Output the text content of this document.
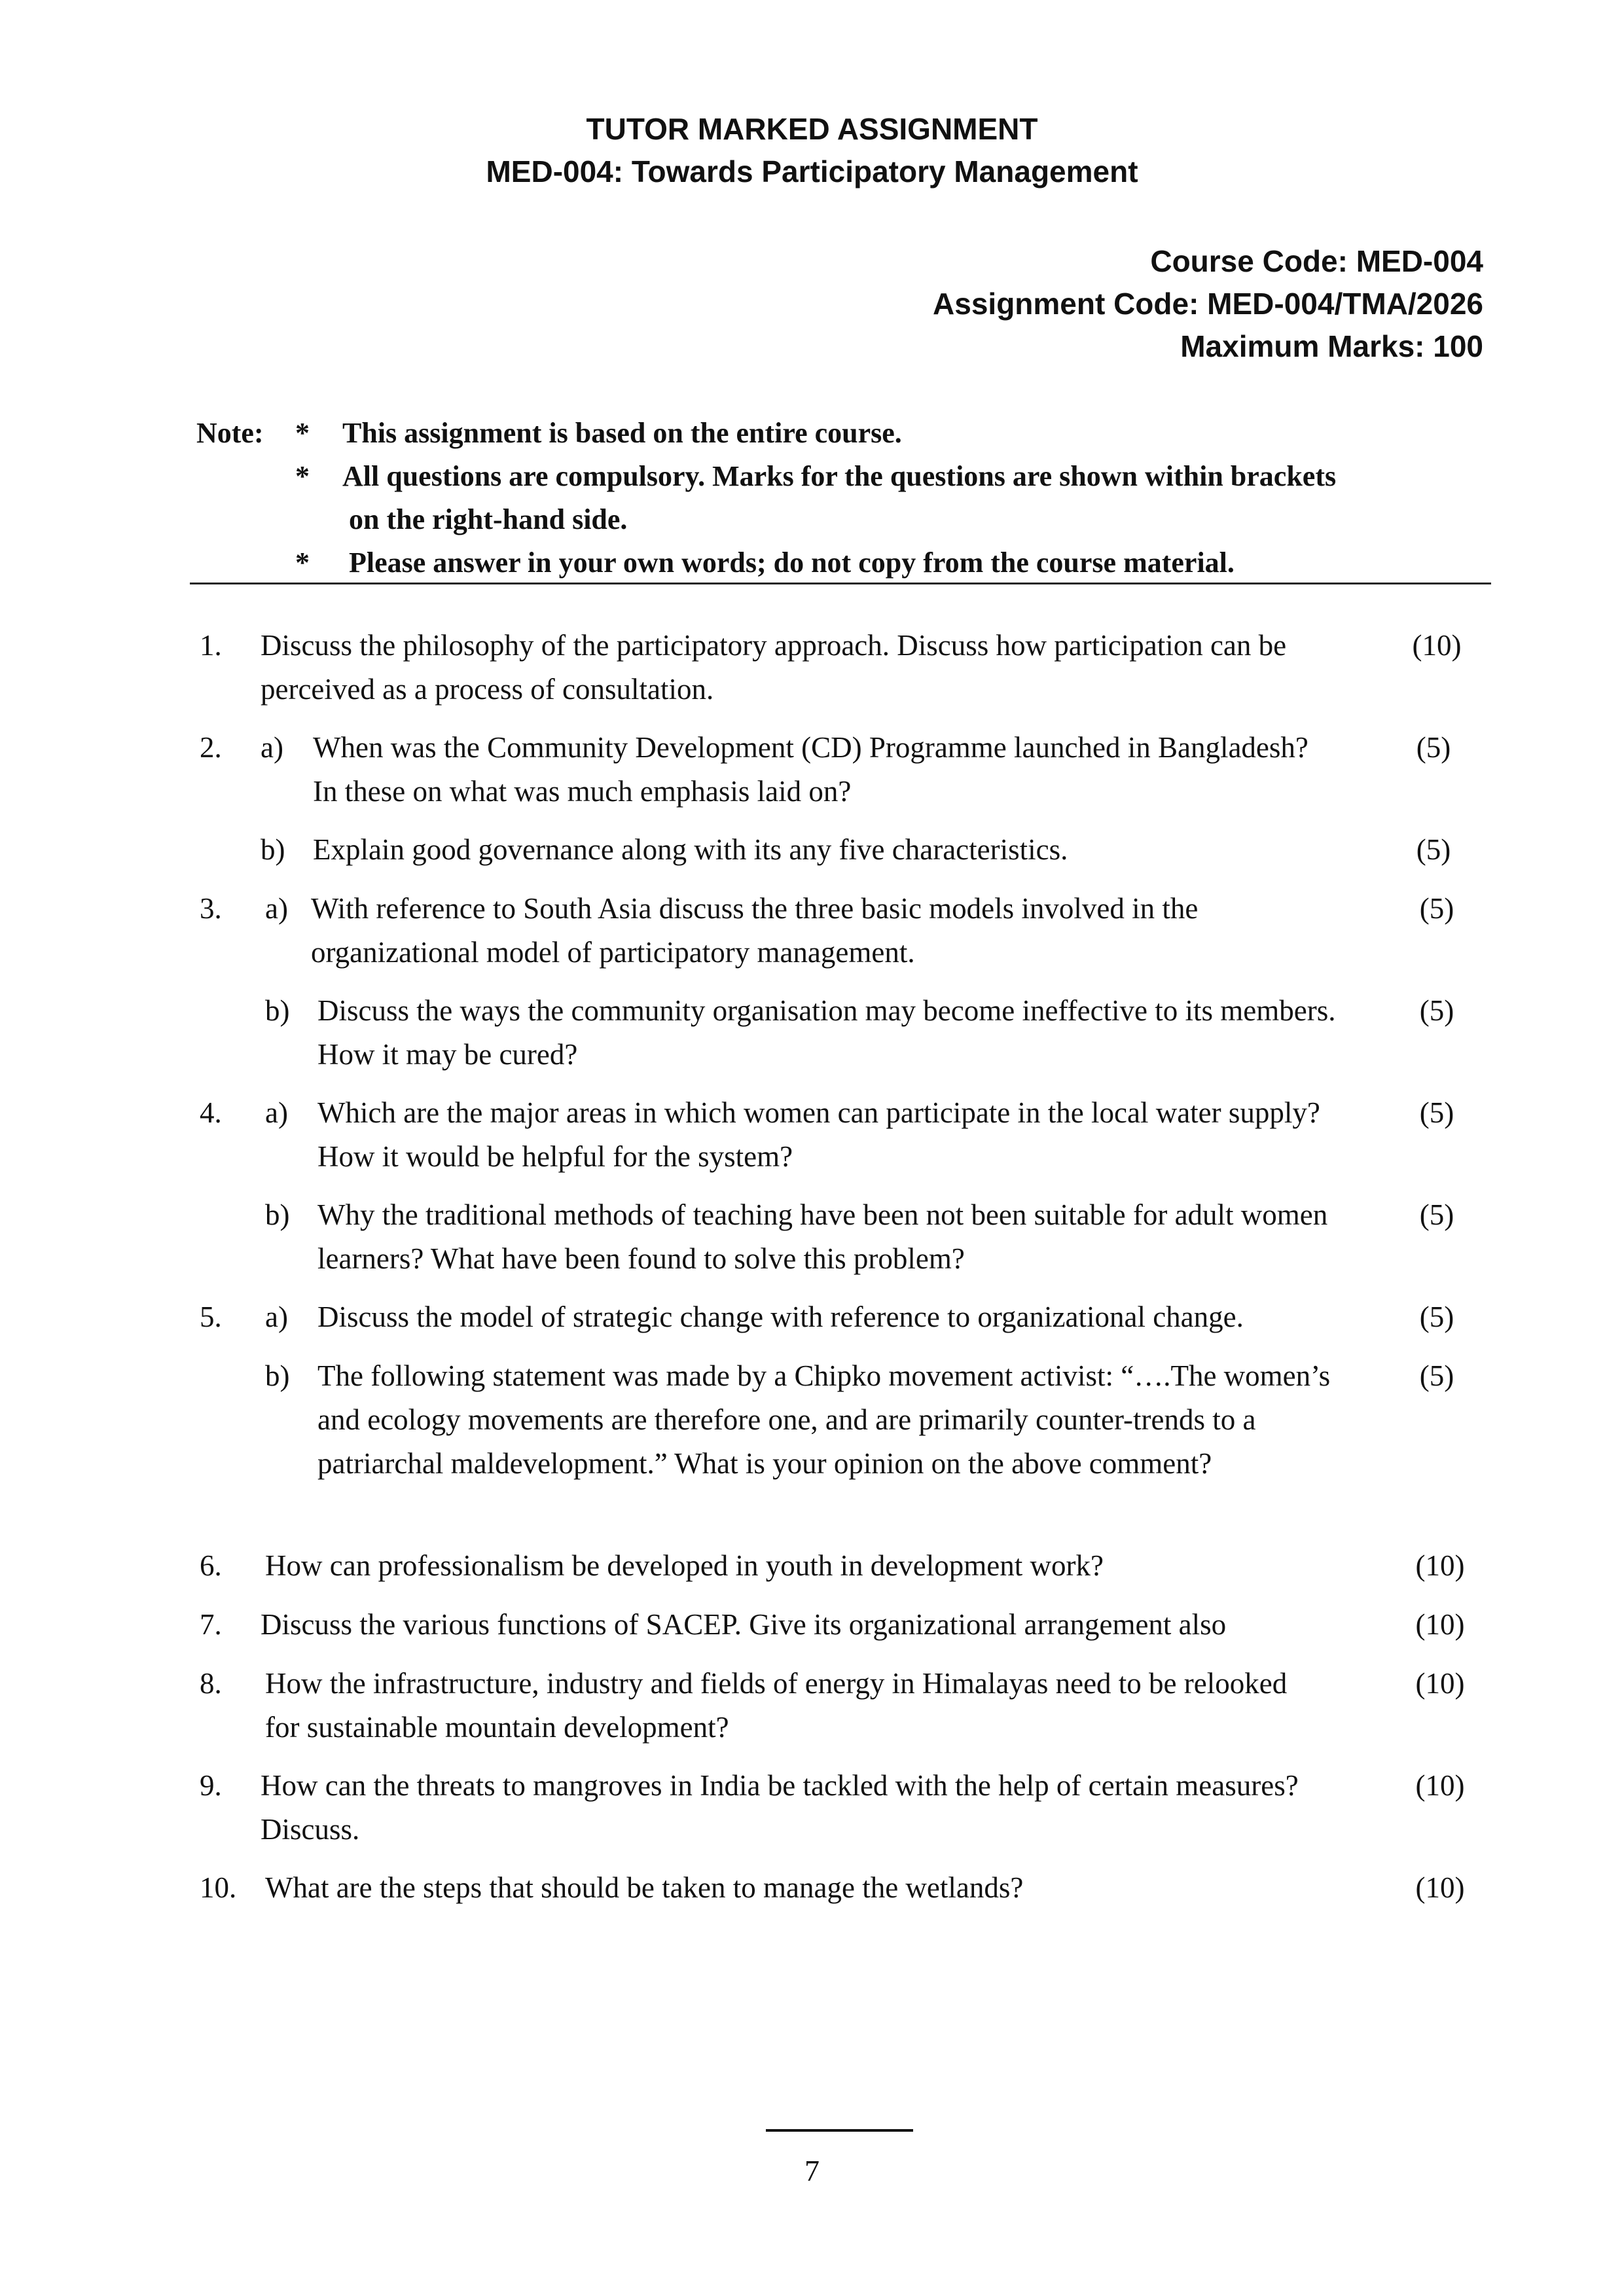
TUTOR MARKED ASSIGNMENT
MED-004: Towards Participatory Management
Course Code: MED-004
Assignment Code: MED-004/TMA/2026
Maximum Marks: 100
Note: * This assignment is based on the entire course.
* All questions are compulsory. Marks for the questions are shown within brackets
on the right-hand side.
* Please answer in your own words; do not copy from the course material.
1. Discuss the philosophy of the participatory approach. Discuss how participation can be perceived as a process of consultation.
(10)
2. a) When was the Community Development (CD) Programme launched in Bangladesh? In these on what was much emphasis laid on?
(5)
b) Explain good governance along with its any five characteristics.	(5)
3. a) With reference to South Asia discuss the three basic models involved in the organizational model of participatory management.
(5)
b) Discuss the ways the community organisation may become ineffective to its members. How it may be cured?
(5)
4. a) Which are the major areas in which women can participate in the local water supply? How it would be helpful for the system?
(5)
b) Why the traditional methods of teaching have been not been suitable for adult women learners? What have been found to solve this problem?
(5)
5. a) Discuss the model of strategic change with reference to organizational change.	(5)
b) The following statement was made by a Chipko movement activist: “….The women’s and ecology movements are therefore one, and are primarily counter-trends to a patriarchal maldevelopment.” What is your opinion on the above comment?
(5)
6. How can professionalism be developed in youth in development work?	(10)
7. Discuss the various functions of SACEP. Give its organizational arrangement also	(10)
8. How the infrastructure, industry and fields of energy in Himalayas need to be relooked for sustainable mountain development?
(10)
9. How can the threats to mangroves in India be tackled with the help of certain measures? Discuss.
(10)
10. What are the steps that should be taken to manage the wetlands?	(10)
7
